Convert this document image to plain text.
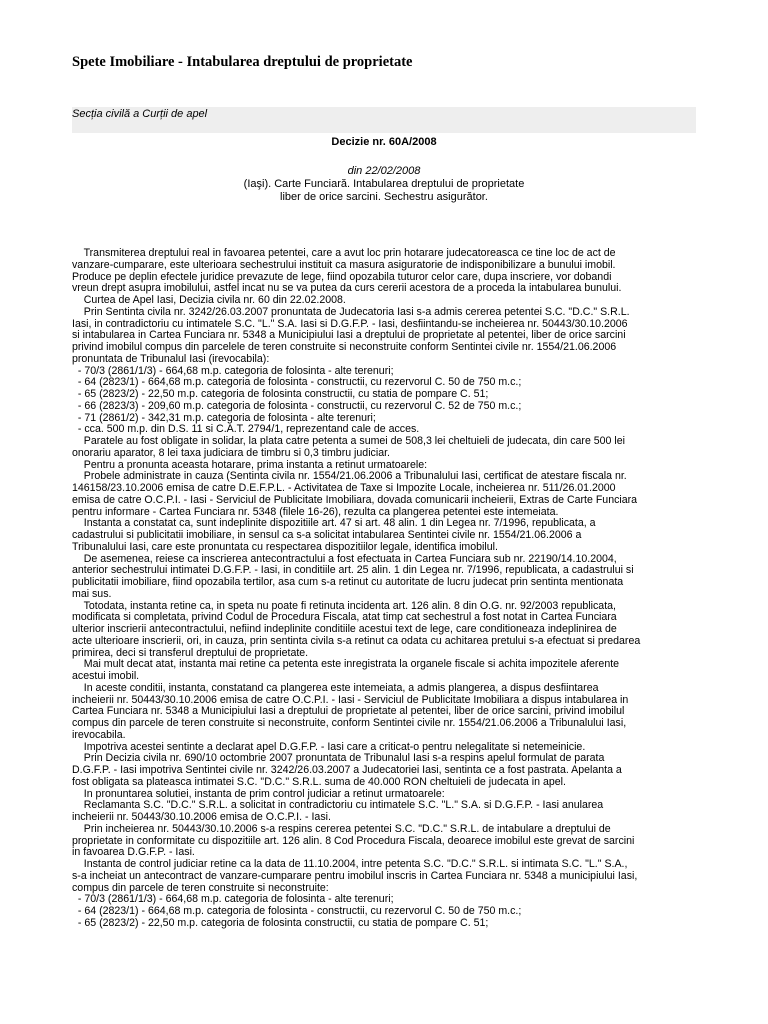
Spete Imobiliare - Intabularea dreptului de proprietate
Secția civilă a Curții de apel
Decizie nr. 60A/2008
din 22/02/2008
(Iaşi). Carte Funciară. Intabularea dreptului de proprietate
liber de orice sarcini. Sechestru asigurător.
Transmiterea dreptului real in favoarea petentei, care a avut loc prin hotarare judecatoreasca ce tine loc de act de
vanzare-cumparare, este ulterioara sechestrului instituit ca masura asiguratorie de indisponibilizare a bunului imobil.
Produce pe deplin efectele juridice prevazute de lege, fiind opozabila tuturor celor care, dupa inscriere, vor dobandi
vreun drept asupra imobilului, astfel incat nu se va putea da curs cererii acestora de a proceda la intabularea bunului.
Curtea de Apel Iasi, Decizia civila nr. 60 din 22.02.2008.
Prin Sentinta civila nr. 3242/26.03.2007 pronuntata de Judecatoria Iasi s-a admis cererea petentei S.C. "D.C." S.R.L.
Iasi, in contradictoriu cu intimatele S.C. "L." S.A. Iasi si D.G.F.P. - Iasi, desfiintandu-se incheierea nr. 50443/30.10.2006
si intabularea in Cartea Funciara nr. 5348 a Municipiului Iasi a dreptului de proprietate al petentei, liber de orice sarcini
privind imobilul compus din parcelele de teren construite si neconstruite conform Sentintei civile nr. 1554/21.06.2006
pronuntata de Tribunalul Iasi (irevocabila):
- 70/3 (2861/1/3) - 664,68 m.p. categoria de folosinta - alte terenuri;
- 64 (2823/1) - 664,68 m.p. categoria de folosinta - constructii, cu rezervorul C. 50 de 750 m.c.;
- 65 (2823/2) - 22,50 m.p. categoria de folosinta constructii, cu statia de pompare C. 51;
- 66 (2823/3) - 209,60 m.p. categoria de folosinta - constructii, cu rezervorul C. 52 de 750 m.c.;
- 71 (2861/2) - 342,31 m.p. categoria de folosinta - alte terenuri;
- cca. 500 m.p. din D.S. 11 si C.A.T. 2794/1, reprezentand cale de acces.
Paratele au fost obligate in solidar, la plata catre petenta a sumei de 508,3 lei cheltuieli de judecata, din care 500 lei
onorariu aparator, 8 lei taxa judiciara de timbru si 0,3 timbru judiciar.
Pentru a pronunta aceasta hotarare, prima instanta a retinut urmatoarele:
Probele administrate in cauza (Sentinta civila nr. 1554/21.06.2006 a Tribunalului Iasi, certificat de atestare fiscala nr.
146158/23.10.2006 emisa de catre D.E.F.P.L. - Activitatea de Taxe si Impozite Locale, incheierea nr. 511/26.01.2000
emisa de catre O.C.P.I. - Iasi - Serviciul de Publicitate Imobiliara, dovada comunicarii incheierii, Extras de Carte Funciara
pentru informare - Cartea Funciara nr. 5348 (filele 16-26), rezulta ca plangerea petentei este intemeiata.
Instanta a constatat ca, sunt indeplinite dispozitiile art. 47 si art. 48 alin. 1 din Legea nr. 7/1996, republicata, a
cadastrului si publicitatii imobiliare, in sensul ca s-a solicitat intabularea Sentintei civile nr. 1554/21.06.2006 a
Tribunalului Iasi, care este pronuntata cu respectarea dispozitiilor legale, identifica imobilul.
De asemenea, reiese ca inscrierea antecontractului a fost efectuata in Cartea Funciara sub nr. 22190/14.10.2004,
anterior sechestrului intimatei D.G.F.P. - Iasi, in conditiile art. 25 alin. 1 din Legea nr. 7/1996, republicata, a cadastrului si
publicitatii imobiliare, fiind opozabila tertilor, asa cum s-a retinut cu autoritate de lucru judecat prin sentinta mentionata
mai sus.
Totodata, instanta retine ca, in speta nu poate fi retinuta incidenta art. 126 alin. 8 din O.G. nr. 92/2003 republicata,
modificata si completata, privind Codul de Procedura Fiscala, atat timp cat sechestrul a fost notat in Cartea Funciara
ulterior inscrierii antecontractului, nefiind indeplinite conditiile acestui text de lege, care conditioneaza indeplinirea de
acte ulterioare inscrierii, ori, in cauza, prin sentinta civila s-a retinut ca odata cu achitarea pretului s-a efectuat si predarea
primirea, deci si transferul dreptului de proprietate.
Mai mult decat atat, instanta mai retine ca petenta este inregistrata la organele fiscale si achita impozitele aferente
acestui imobil.
In aceste conditii, instanta, constatand ca plangerea este intemeiata, a admis plangerea, a dispus desfiintarea
incheierii nr. 50443/30.10.2006 emisa de catre O.C.P.I. - Iasi - Serviciul de Publicitate Imobiliara a dispus intabularea in
Cartea Funciara nr. 5348 a Municipiului Iasi a dreptului de proprietate al petentei, liber de orice sarcini, privind imobilul
compus din parcele de teren construite si neconstruite, conform Sentintei civile nr. 1554/21.06.2006 a Tribunalului Iasi,
irevocabila.
Impotriva acestei sentinte a declarat apel D.G.F.P. - Iasi care a criticat-o pentru nelegalitate si netemeinicie.
Prin Decizia civila nr. 690/10 octombrie 2007 pronuntata de Tribunalul Iasi s-a respins apelul formulat de parata
D.G.F.P. - Iasi impotriva Sentintei civile nr. 3242/26.03.2007 a Judecatoriei Iasi, sentinta ce a fost pastrata. Apelanta a
fost obligata sa plateasca intimatei S.C. "D.C." S.R.L. suma de 40.000 RON cheltuieli de judecata in apel.
In pronuntarea solutiei, instanta de prim control judiciar a retinut urmatoarele:
Reclamanta S.C. "D.C." S.R.L. a solicitat in contradictoriu cu intimatele S.C. "L." S.A. si D.G.F.P. - Iasi anularea
incheierii nr. 50443/30.10.2006 emisa de O.C.P.I. - Iasi.
Prin incheierea nr. 50443/30.10.2006 s-a respins cererea petentei S.C. "D.C." S.R.L. de intabulare a dreptului de
proprietate in conformitate cu dispozitiile art. 126 alin. 8 Cod Procedura Fiscala, deoarece imobilul este grevat de sarcini
in favoarea D.G.F.P. - Iasi.
Instanta de control judiciar retine ca la data de 11.10.2004, intre petenta S.C. "D.C." S.R.L. si intimata S.C. "L." S.A.,
s-a incheiat un antecontract de vanzare-cumparare pentru imobilul inscris in Cartea Funciara nr. 5348 a municipiului Iasi,
compus din parcele de teren construite si neconstruite:
- 70/3 (2861/1/3) - 664,68 m.p. categoria de folosinta - alte terenuri;
- 64 (2823/1) - 664,68 m.p. categoria de folosinta - constructii, cu rezervorul C. 50 de 750 m.c.;
- 65 (2823/2) - 22,50 m.p. categoria de folosinta constructii, cu statia de pompare C. 51;
